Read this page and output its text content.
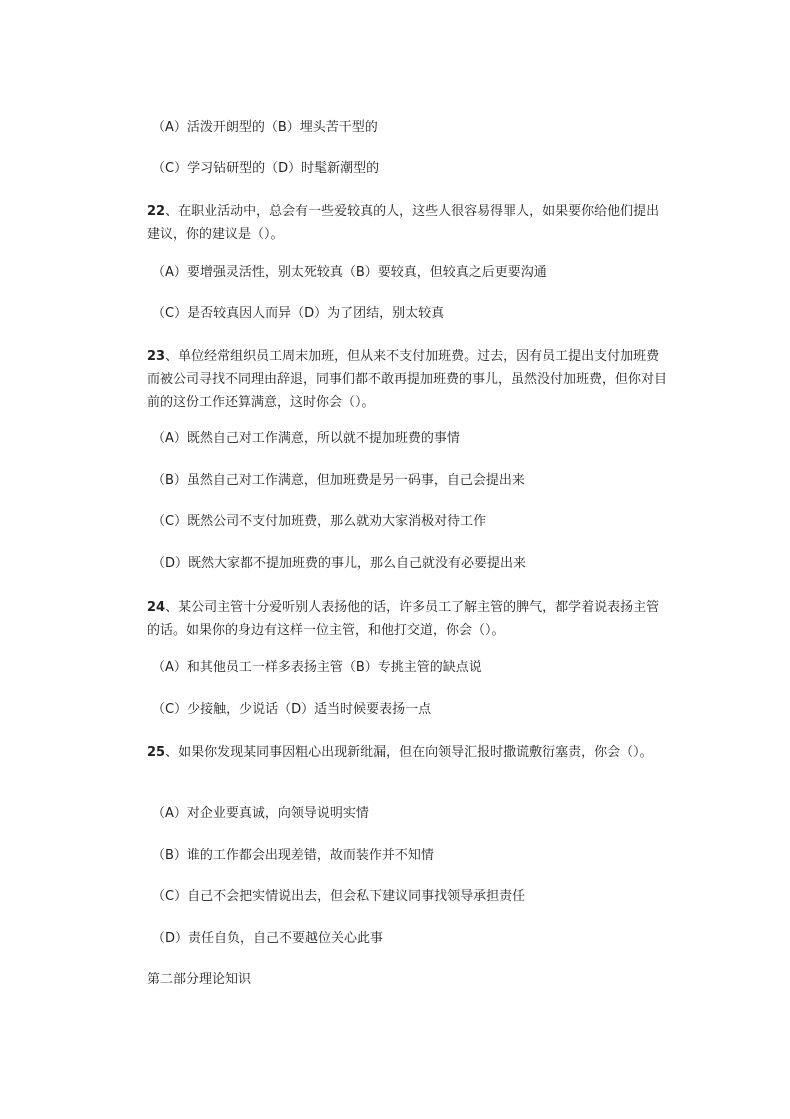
（A）活泼开朗型的（B）埋头苦干型的
（C）学习钻研型的（D）时髦新潮型的
22、在职业活动中，总会有一些爱较真的人，这些人很容易得罪人，如果要你给他们提出建议，你的建议是（）。
（A）要增强灵活性，别太死较真（B）要较真，但较真之后更要沟通
（C）是否较真因人而异（D）为了团结，别太较真
23、单位经常组织员工周末加班，但从来不支付加班费。过去，因有员工提出支付加班费而被公司寻找不同理由辞退，同事们都不敢再提加班费的事儿，虽然没付加班费，但你对目前的这份工作还算满意，这时你会（）。
（A）既然自己对工作满意，所以就不提加班费的事情
（B）虽然自己对工作满意，但加班费是另一码事，自己会提出来
（C）既然公司不支付加班费，那么就劝大家消极对待工作
（D）既然大家都不提加班费的事儿，那么自己就没有必要提出来
24、某公司主管十分爱听别人表扬他的话，许多员工了解主管的脾气，都学着说表扬主管的话。如果你的身边有这样一位主管，和他打交道，你会（）。
（A）和其他员工一样多表扬主管（B）专挑主管的缺点说
（C）少接触，少说话（D）适当时候要表扬一点
25、如果你发现某同事因粗心出现新纰漏，但在向领导汇报时撒谎敷衍塞责，你会（）。
（A）对企业要真诚，向领导说明实情
（B）谁的工作都会出现差错，故而装作并不知情
（C）自己不会把实情说出去，但会私下建议同事找领导承担责任
（D）责任自负，自己不要越位关心此事
第二部分理论知识
